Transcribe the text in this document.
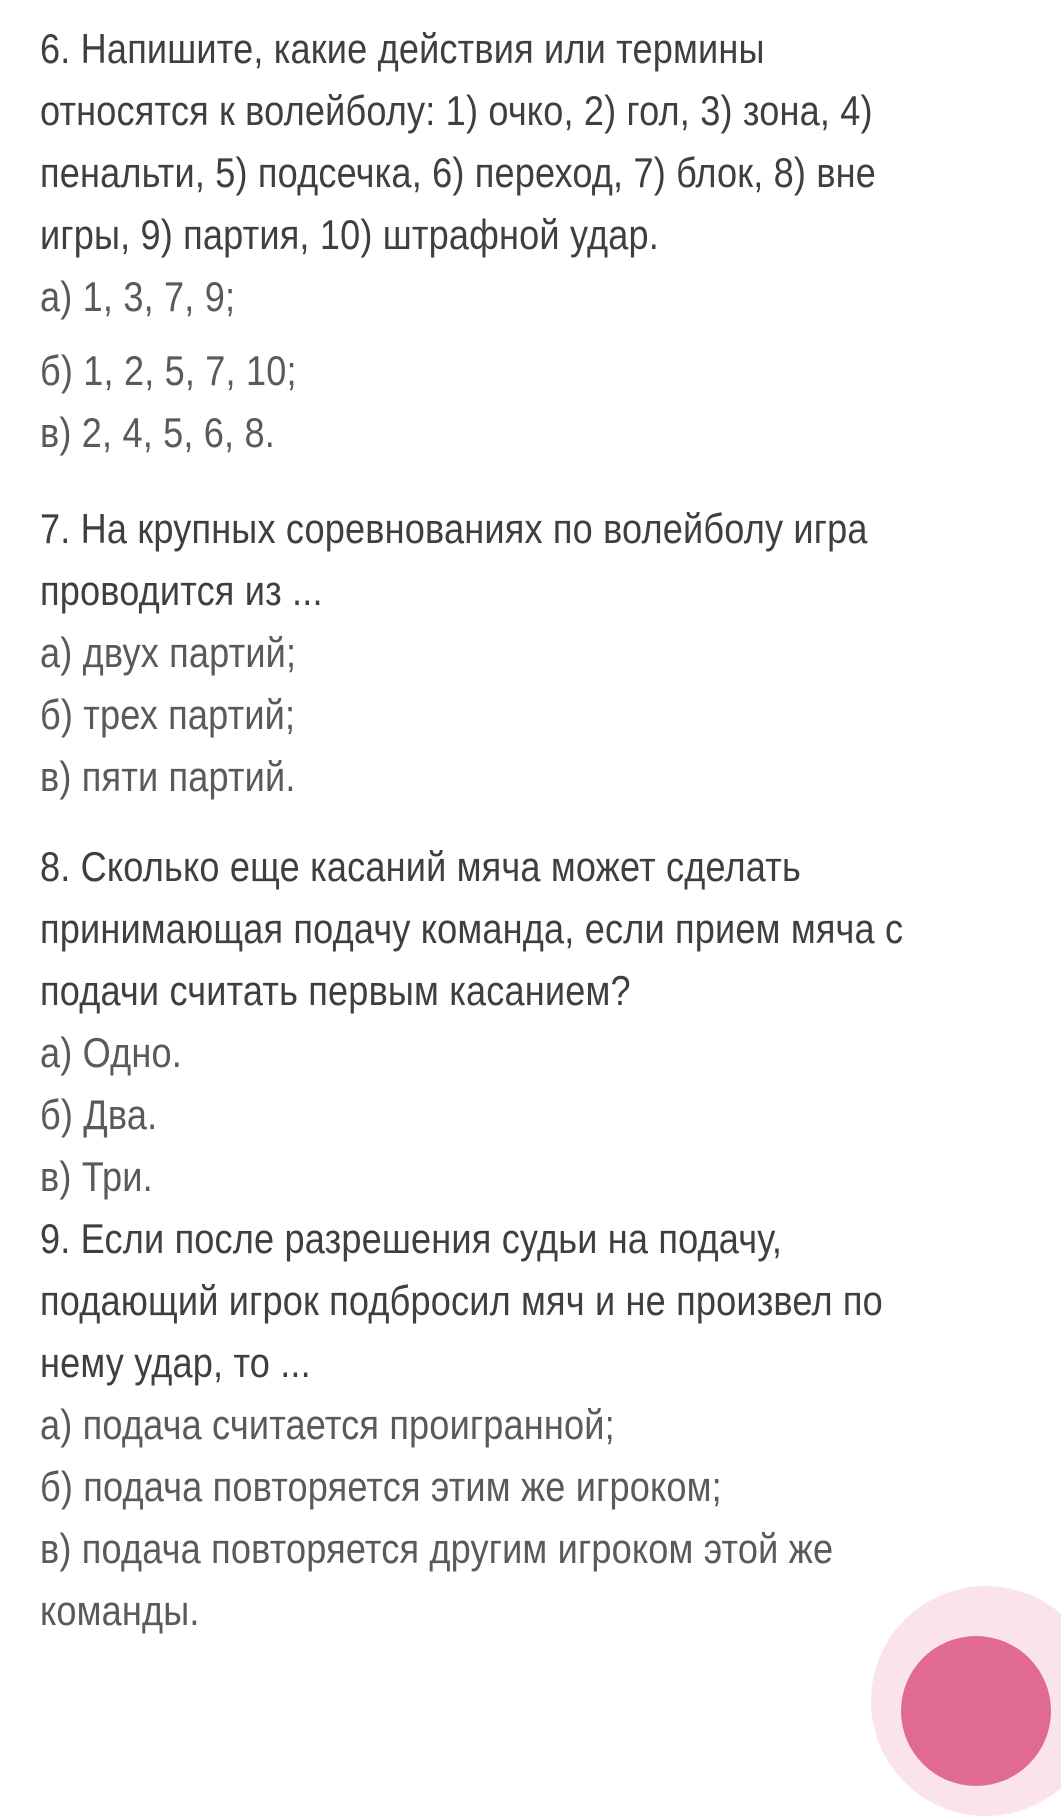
6. Напишите, какие действия или термины
относятся к волейболу: 1) очко, 2) гол, 3) зона, 4)
пенальти, 5) подсечка, 6) переход, 7) блок, 8) вне
игры, 9) партия, 10) штрафной удар.
а) 1, 3, 7, 9;
б) 1, 2, 5, 7, 10;
в) 2, 4, 5, 6, 8.
7. На крупных соревнованиях по волейболу игра
проводится из ...
а) двух партий;
б) трех партий;
в) пяти партий.
8. Сколько еще касаний мяча может сделать
принимающая подачу команда, если прием мяча с
подачи считать первым касанием?
а) Одно.
б) Два.
в) Три.
9. Если после разрешения судьи на подачу,
подающий игрок подбросил мяч и не произвел по
нему удар, то ...
а) подача считается проигранной;
б) подача повторяется этим же игроком;
в) подача повторяется другим игроком этой же
команды.
